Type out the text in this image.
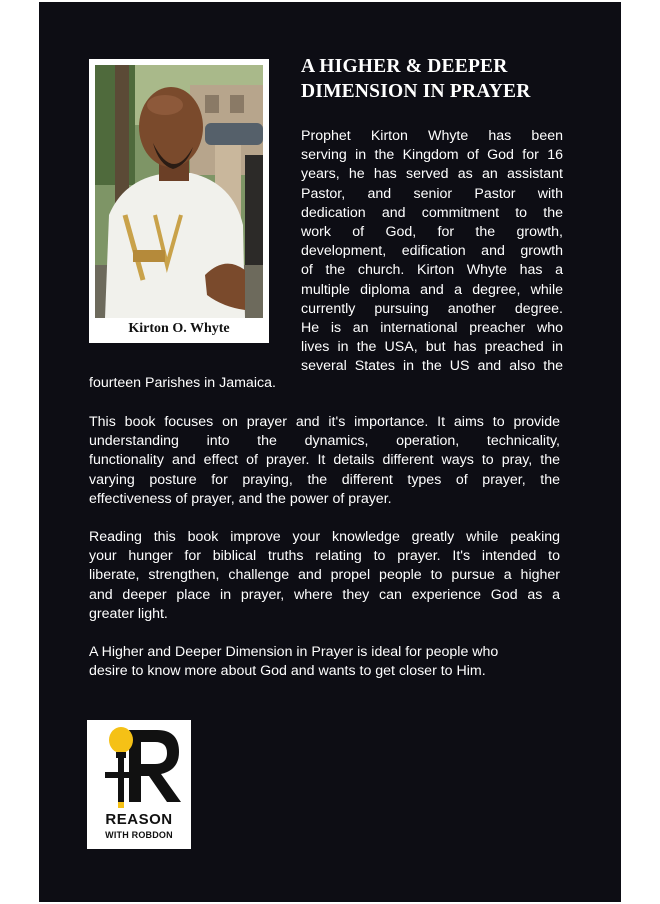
Kirton O. Whyte
A HIGHER & DEEPER
DIMENSION IN PRAYER
Prophet Kirton Whyte has been
serving in the Kingdom of God for 16
years, he has served as an assistant
Pastor, and senior Pastor with
dedication and commitment to the
work of God, for the growth,
development, edification and growth
of the church. Kirton Whyte has a
multiple diploma and a degree, while
currently pursuing another degree.
He is an international preacher who
lives in the USA, but has preached in
several States in the US and also the
fourteen Parishes in Jamaica.
This book focuses on prayer and it's importance. It aims to provide
understanding into the dynamics, operation, technicality,
functionality and effect of prayer. It details different ways to pray, the
varying posture for praying, the different types of prayer, the
effectiveness of prayer, and the power of prayer.
Reading this book improve your knowledge greatly while peaking
your hunger for biblical truths relating to prayer. It's intended to
liberate, strengthen, challenge and propel people to pursue a higher
and deeper place in prayer, where they can experience God as a
greater light.
A Higher and Deeper Dimension in Prayer is ideal for people who
desire to know more about God and wants to get closer to Him.
REASON
WITH ROBDON
